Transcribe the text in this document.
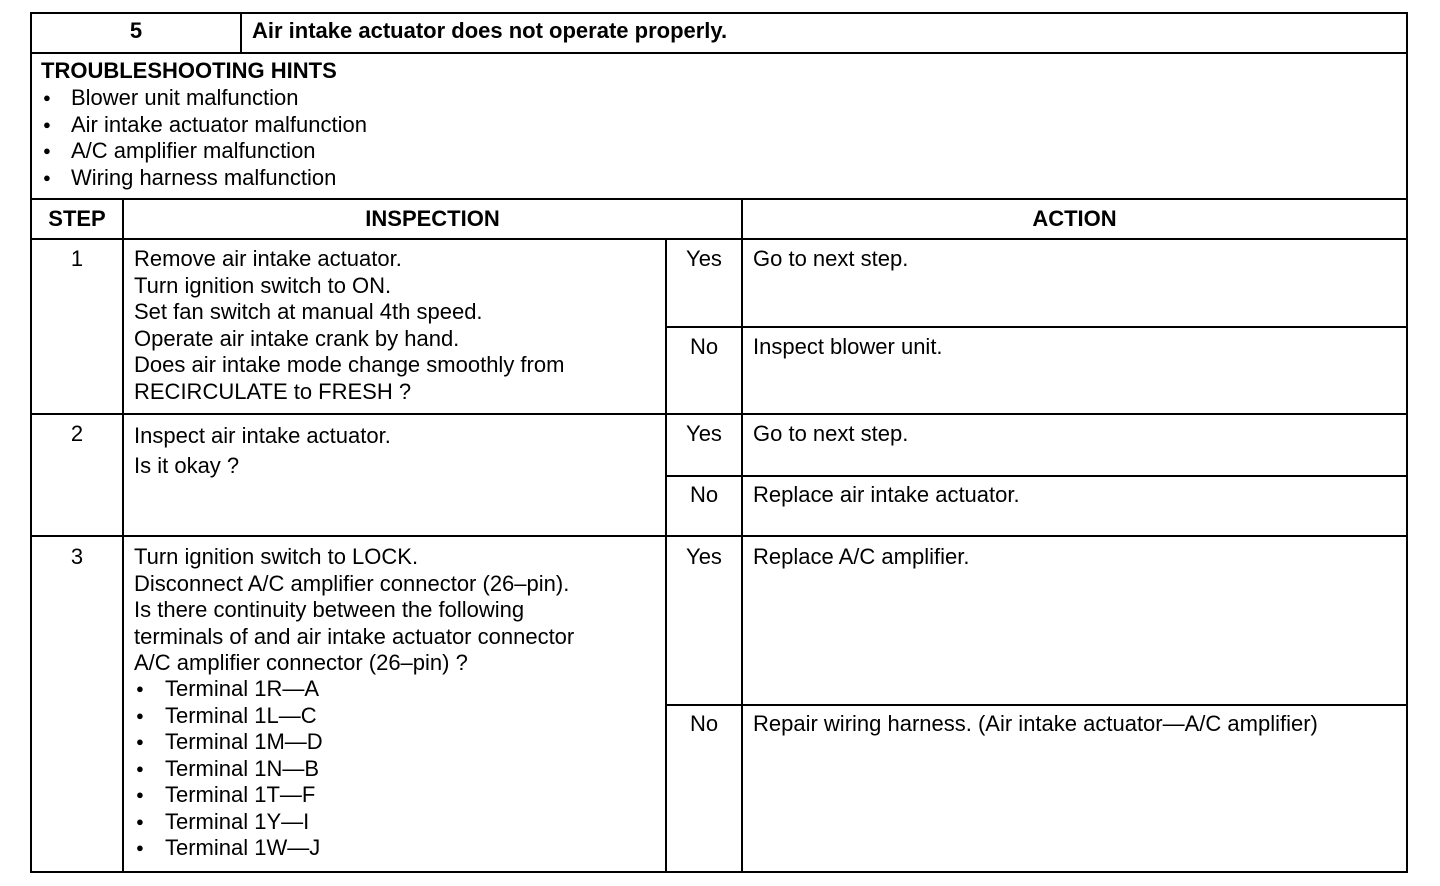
5	Air intake actuator does not operate properly.
TROUBLESHOOTING HINTS
● Blower unit malfunction
● Air intake actuator malfunction
● A/C amplifier malfunction
● Wiring harness malfunction
STEP	INSPECTION	ACTION
1	Remove air intake actuator.
Turn ignition switch to ON.
Set fan switch at manual 4th speed.
Operate air intake crank by hand.
Does air intake mode change smoothly from
RECIRCULATE to FRESH ?
Yes	Go to next step.
No	Inspect blower unit.
2	Inspect air intake actuator.
Is it okay ?
Yes	Go to next step.
No	Replace air intake actuator.
3	Turn ignition switch to LOCK.
Disconnect A/C amplifier connector (26–pin).
Is there continuity between the following
terminals of and air intake actuator connector
A/C amplifier connector (26–pin) ?
● Terminal 1R—A
● Terminal 1L—C
● Terminal 1M—D
● Terminal 1N—B
● Terminal 1T—F
● Terminal 1Y—I
● Terminal 1W—J
Yes	Replace A/C amplifier.
No	Repair wiring harness. (Air intake actuator—A/C amplifier)
